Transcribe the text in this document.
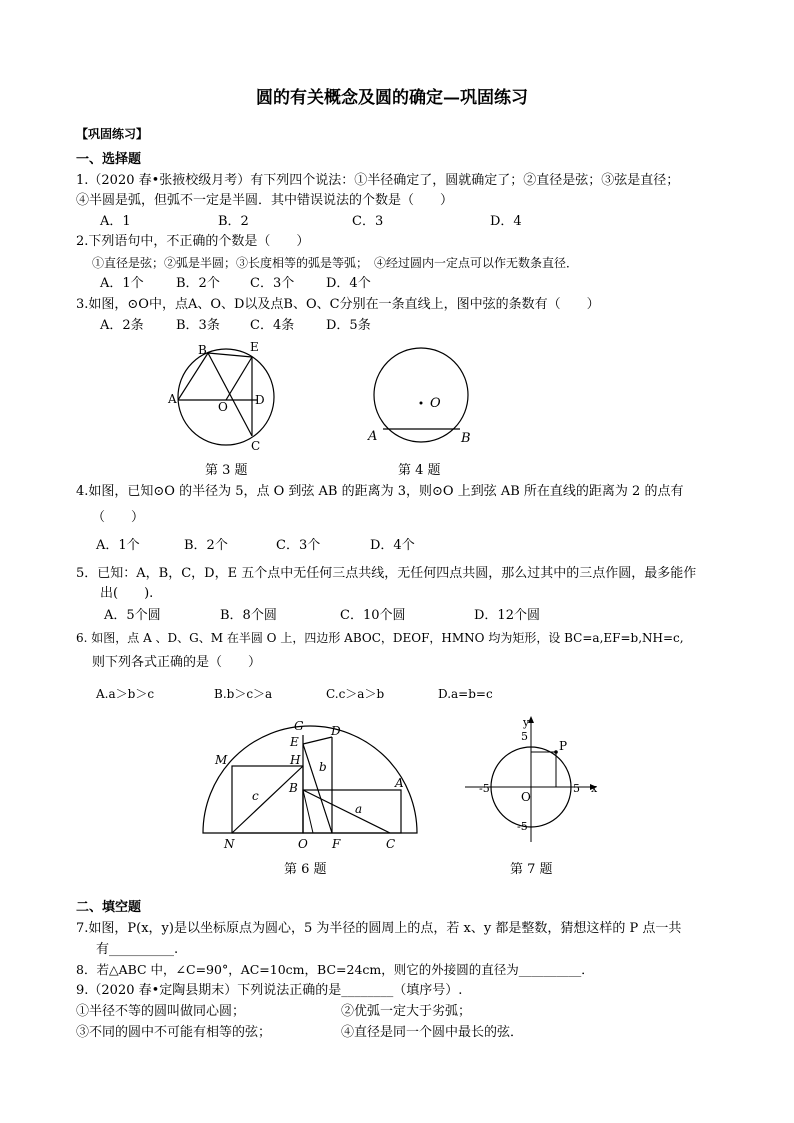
圆的有关概念及圆的确定—巩固练习
【巩固练习】
一、选择题
1.（2020 春•张掖校级月考）有下列四个说法：①半径确定了，圆就确定了；②直径是弦；③弦是直径；
④半圆是弧，但弧不一定是半圆．其中错误说法的个数是（　　）
A．1	B．2	C．3	D．4
2.下列语句中，不正确的个数是（　　）
①直径是弦；②弧是半圆；③长度相等的弧是等弧；　④经过圆内一定点可以作无数条直径．
A．1个 B．2个 C．3个 D．4个
3.如图，⊙O中，点A、O、D以及点B、O、C分别在一条直线上，图中弦的条数有（　　）
A．2条 B．3条 C．4条 D．5条
B	E
A
O D
C
第 3 题
O
A	B
第 4 题
4.如图，已知⊙O 的半径为 5，点 O 到弦 AB 的距离为 3，则⊙O 上到弦 AB 所在直线的距离为 2 的点有
（　　）
A．1个	B．2个	C．3个	D．4个
5．已知：A，B，C，D，E 五个点中无任何三点共线，无任何四点共圆，那么过其中的三点作圆，最多能作
出(　　).
A．5个圆	B．8个圆	C．10个圆	D．12个圆
6. 如图，点 A 、D、G、M 在半圆 O 上，四边形 ABOC，DEOF，HMNO 均为矩形，设 BC=a,EF=b,NH=c,
则下列各式正确的是（　　）
A.a＞b＞c	B.b＞c＞a	C.c＞a＞b	D.a=b=c
G D
E
H
M
A
B
b
c
a
N	O F	C
第 6 题
y
x
P
O
5
-5
5
-5
第 7 题
二、填空题
7.如图，P(x，y)是以坐标原点为圆心，5 为半径的圆周上的点，若 x、y 都是整数，猜想这样的 P 点一共
有__________.
8．若△ABC 中，∠C=90°，AC=10cm，BC=24cm，则它的外接圆的直径为__________．
9.（2020 春•定陶县期末）下列说法正确的是________（填序号）.
①半径不等的圆叫做同心圆；	②优弧一定大于劣弧；
③不同的圆中不可能有相等的弦；	④直径是同一个圆中最长的弦．
